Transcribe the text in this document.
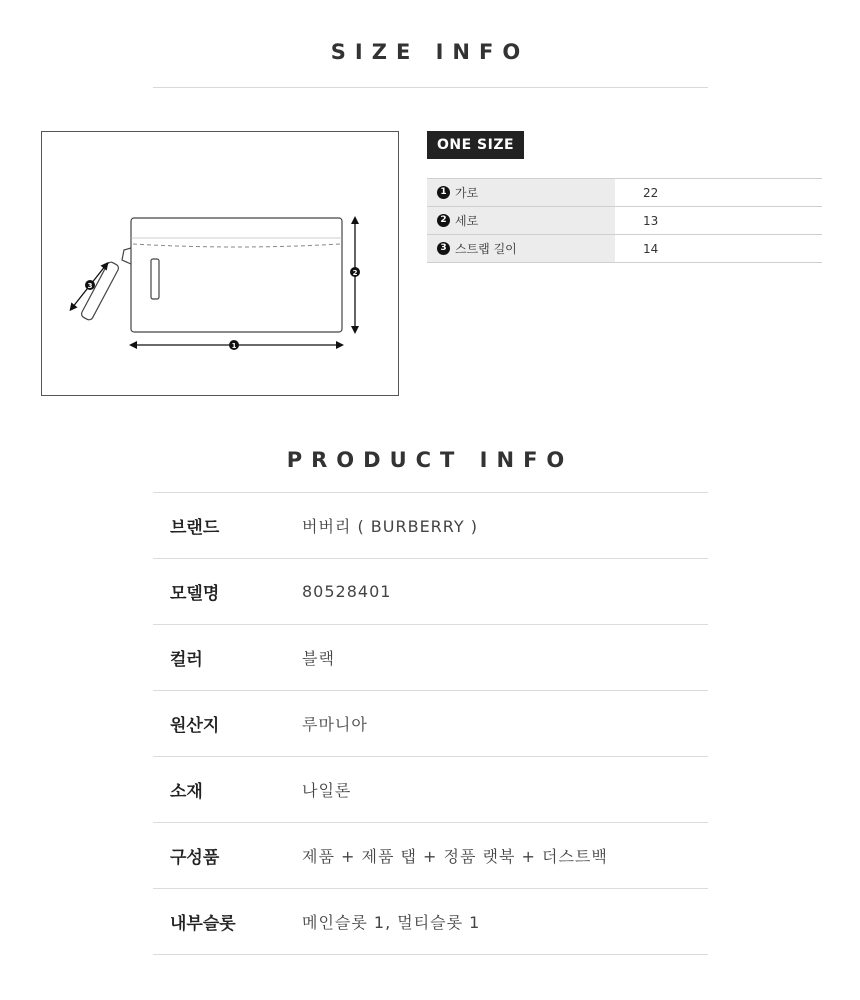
SIZE INFO
1
2
3
ONE SIZE
1 가로	22
2 세로	13
3 스트랩 길이	14
PRODUCT INFO
브랜드	버버리 ( BURBERRY )
모델명	80528401
컬러	블랙
원산지	루마니아
소재	나일론
구성품	제품 + 제품 탭 + 정품 랫북 + 더스트백
내부슬롯	메인슬롯 1, 멀티슬롯 1
